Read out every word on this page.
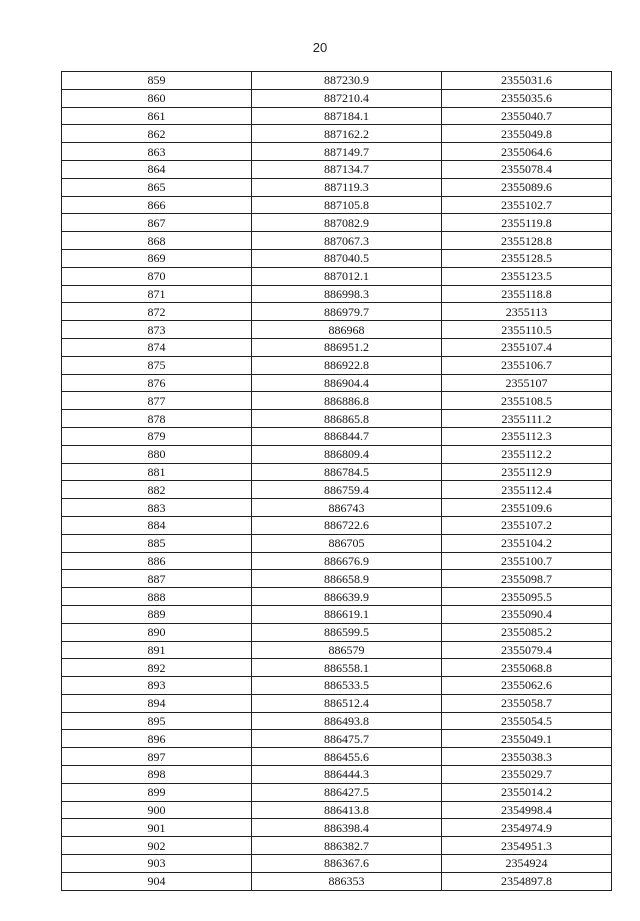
20
859	887230.9	2355031.6
860	887210.4	2355035.6
861	887184.1	2355040.7
862	887162.2	2355049.8
863	887149.7	2355064.6
864	887134.7	2355078.4
865	887119.3	2355089.6
866	887105.8	2355102.7
867	887082.9	2355119.8
868	887067.3	2355128.8
869	887040.5	2355128.5
870	887012.1	2355123.5
871	886998.3	2355118.8
872	886979.7	2355113
873	886968	2355110.5
874	886951.2	2355107.4
875	886922.8	2355106.7
876	886904.4	2355107
877	886886.8	2355108.5
878	886865.8	2355111.2
879	886844.7	2355112.3
880	886809.4	2355112.2
881	886784.5	2355112.9
882	886759.4	2355112.4
883	886743	2355109.6
884	886722.6	2355107.2
885	886705	2355104.2
886	886676.9	2355100.7
887	886658.9	2355098.7
888	886639.9	2355095.5
889	886619.1	2355090.4
890	886599.5	2355085.2
891	886579	2355079.4
892	886558.1	2355068.8
893	886533.5	2355062.6
894	886512.4	2355058.7
895	886493.8	2355054.5
896	886475.7	2355049.1
897	886455.6	2355038.3
898	886444.3	2355029.7
899	886427.5	2355014.2
900	886413.8	2354998.4
901	886398.4	2354974.9
902	886382.7	2354951.3
903	886367.6	2354924
904	886353	2354897.8
